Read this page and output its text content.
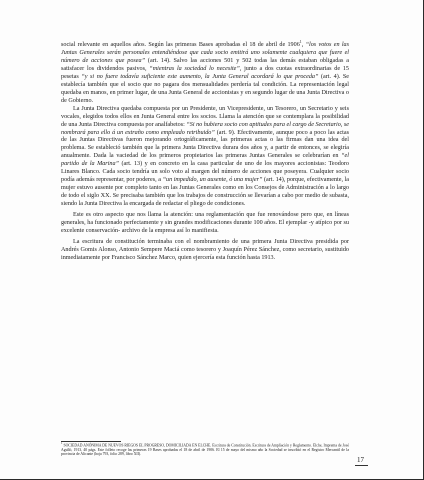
social relevante en aquellos años. Según las primeras Bases aprobadas el 18 de abril de 1906$^1$, “los votos en las Juntas Generales serán personales entendiéndose que cada socio emitirá uno solamente cualquiera que fuere el número de acciones que posea” (art. 14). Salvo las acciones 501 y 502 todas las demás estaban obligadas a satisfacer los dividendos pasivos, “mientras la sociedad lo necesite”, junto a dos cuotas extraordinarias de 15 pesetas “y si no fuere todavía suficiente este aumento, la Junta General acordará lo que proceda” (art. 4). Se establecía también que el socio que no pagara dos mensualidades perdería tal condición. La representación legal quedaba en manos, en primer lugar, de una Junta General de accionistas y en segundo lugar de una Junta Directiva o de Gobierno.

La Junta Directiva quedaba compuesta por un Presidente, un Vicepresidente, un Tesorero, un Secretario y seis vocales, elegidos todos ellos en Junta General entre los socios. Llama la atención que se contemplara la posibilidad de una Junta Directiva compuesta por analfabetos: “Si no hubiera socio con aptitudes para el cargo de Secretario, se nombrará para ello á un extraño como empleado retribuido” (art. 9). Efectivamente, aunque poco a poco las actas de las Juntas Directivas fueron mejorando ortográficamente, las primeras actas o las firmas dan una idea del problema. Se estableció también que la primera Junta Directiva durara dos años y, a partir de entonces, se elegiría anualmente. Dada la vaciedad de los primeros propietarios las primeras Juntas Generales se celebrarían en “el partido de la Marina” (art. 13) y en concreto en la casa particular de uno de los mayores accionistas: Teodoro Linares Blanco. Cada socio tendría un solo voto al margen del número de acciones que poseyera. Cualquier socio podía además representar, por poderes, a “un impedido, un ausente, ó una mujer” (art. 14), porque, efectivamente, la mujer estuvo ausente por completo tanto en las Juntas Generales como en los Consejos de Administración a lo largo de todo el siglo XX. Se precisaba también que los trabajos de construcción se llevarían a cabo por medio de subasta, siendo la Junta Directiva la encargada de redactar el pliego de condiciones.

Este es otro aspecto que nos llama la atención: una reglamentación que fue renovándose pero que, en líneas generales, ha funcionado perfectamente y sin grandes modificaciones durante 100 años. El ejemplar -y atípico por su excelente conservación- archivo de la empresa así lo manifiesta.

La escritura de constitución terminaba con el nombramiento de una primera Junta Directiva presidida por Andrés Gomis Alonso, Antonio Sempere Maciá como tesorero y Joaquín Pérez Sánchez, como secretario, sustituido inmediatamente por Francisco Sánchez Marco, quien ejercería esta función hasta 1913.

$^1$ SOCIEDAD ANÓNIMA DE NUEVOS RIEGOS EL PROGRESO, DOMICILIADA EN ELCHE. Escritura de Constitución. Escritura de Ampliación y Reglamento. Elche, Imprenta de José Agulló, 1913, 40 págs. Este folleto recoge las primeras 19 Bases aprobadas el 18 de abril de 1906. El 15 de mayo del mismo año la Sociedad se inscribió en el Registro Mercantil de la provincia de Alicante (hoja 793, folio 289, libro XII).
17
